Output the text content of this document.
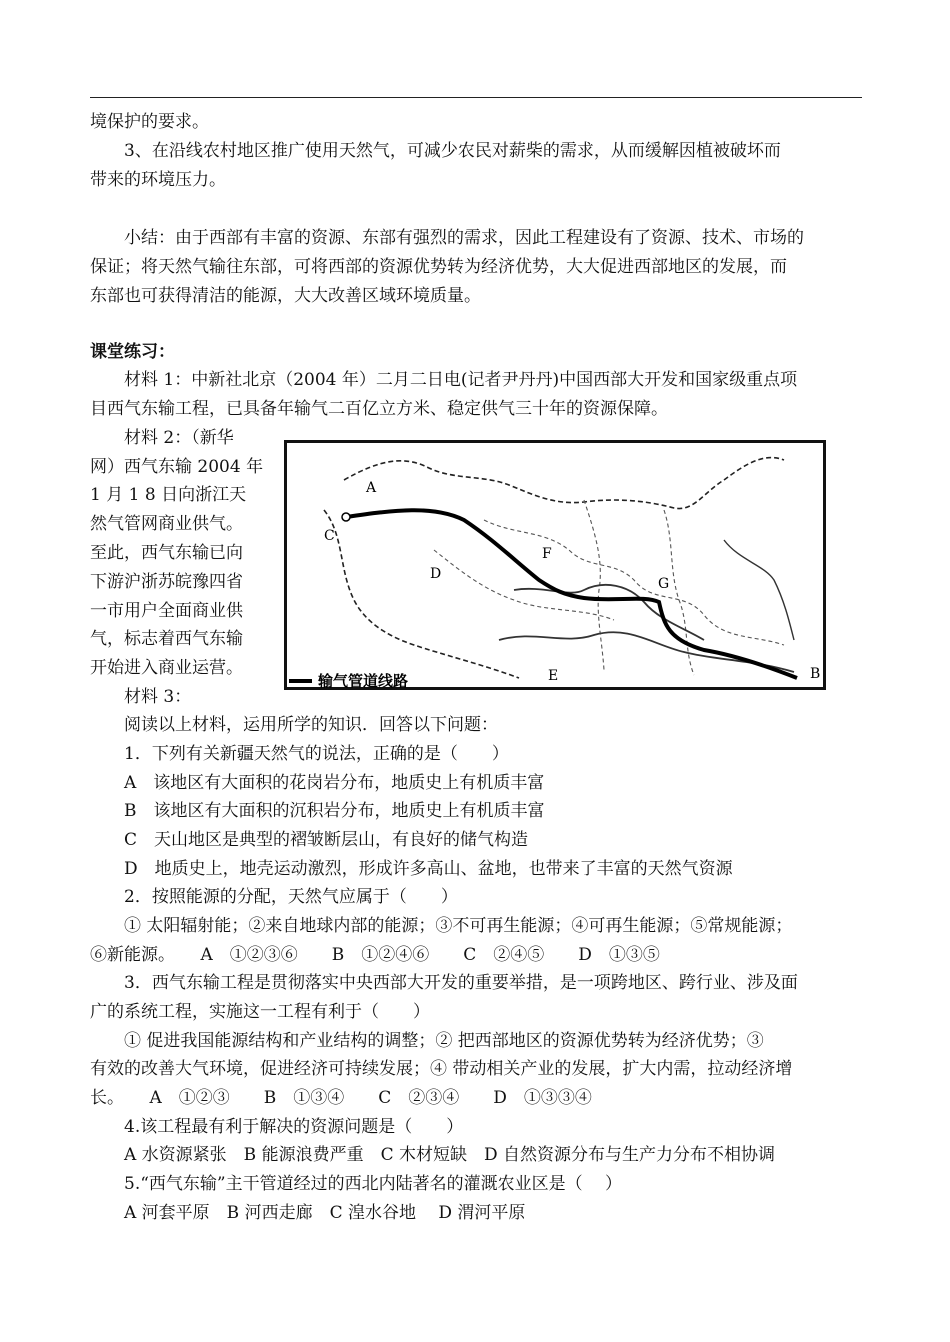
境保护的要求。
3、在沿线农村地区推广使用天然气，可减少农民对薪柴的需求，从而缓解因植被破坏而
带来的环境压力。
小结：由于西部有丰富的资源、东部有强烈的需求，因此工程建设有了资源、技术、市场的
保证；将天然气输往东部，可将西部的资源优势转为经济优势，大大促进西部地区的发展，而
东部也可获得清洁的能源，大大改善区域环境质量。
课堂练习：
材料 1：中新社北京（2004 年）二月二日电(记者尹丹丹)中国西部大开发和国家级重点项
目西气东输工程，已具备年输气二百亿立方米、稳定供气三十年的资源保障。
材料 2：（新华
网）西气东输 2004 年
1 月 1 8 日向浙江天
然气管网商业供气。
至此，西气东输已向
下游沪浙苏皖豫四省
一市用户全面商业供
气，标志着西气东输
开始进入商业运营。
输气管道线路
A
C
D
F
G
E	B
材料 3：
阅读以上材料，运用所学的知识．回答以下问题：
1．下列有关新疆天然气的说法，正确的是（　　）
A　该地区有大面积的花岗岩分布，地质史上有机质丰富
B　该地区有大面积的沉积岩分布，地质史上有机质丰富
C　天山地区是典型的褶皱断层山，有良好的储气构造
D　地质史上，地壳运动激烈，形成许多高山、盆地，也带来了丰富的天然气资源
2．按照能源的分配，天然气应属于（　　）
① 太阳辐射能；②来自地球内部的能源；③不可再生能源；④可再生能源；⑤常规能源；
⑥新能源。　　A　①②③⑥　　B　①②④⑥　　C　②④⑤　　D　①③⑤
3．西气东输工程是贯彻落实中央西部大开发的重要举措，是一项跨地区、跨行业、涉及面
广的系统工程，实施这一工程有利于（　　）
① 促进我国能源结构和产业结构的调整；② 把西部地区的资源优势转为经济优势；③
有效的改善大气环境，促进经济可持续发展；④ 带动相关产业的发展，扩大内需，拉动经济增
长。　　A　①②③　　B　①③④　　C　②③④　　D　①③③④
4.该工程最有利于解决的资源问题是（　　）
A 水资源紧张　B 能源浪费严重　C 木材短缺　D 自然资源分布与生产力分布不相协调
5.“西气东输”主干管道经过的西北内陆著名的灌溉农业区是（　 ）
A 河套平原　B 河西走廊　C 湟水谷地　 D 渭河平原
